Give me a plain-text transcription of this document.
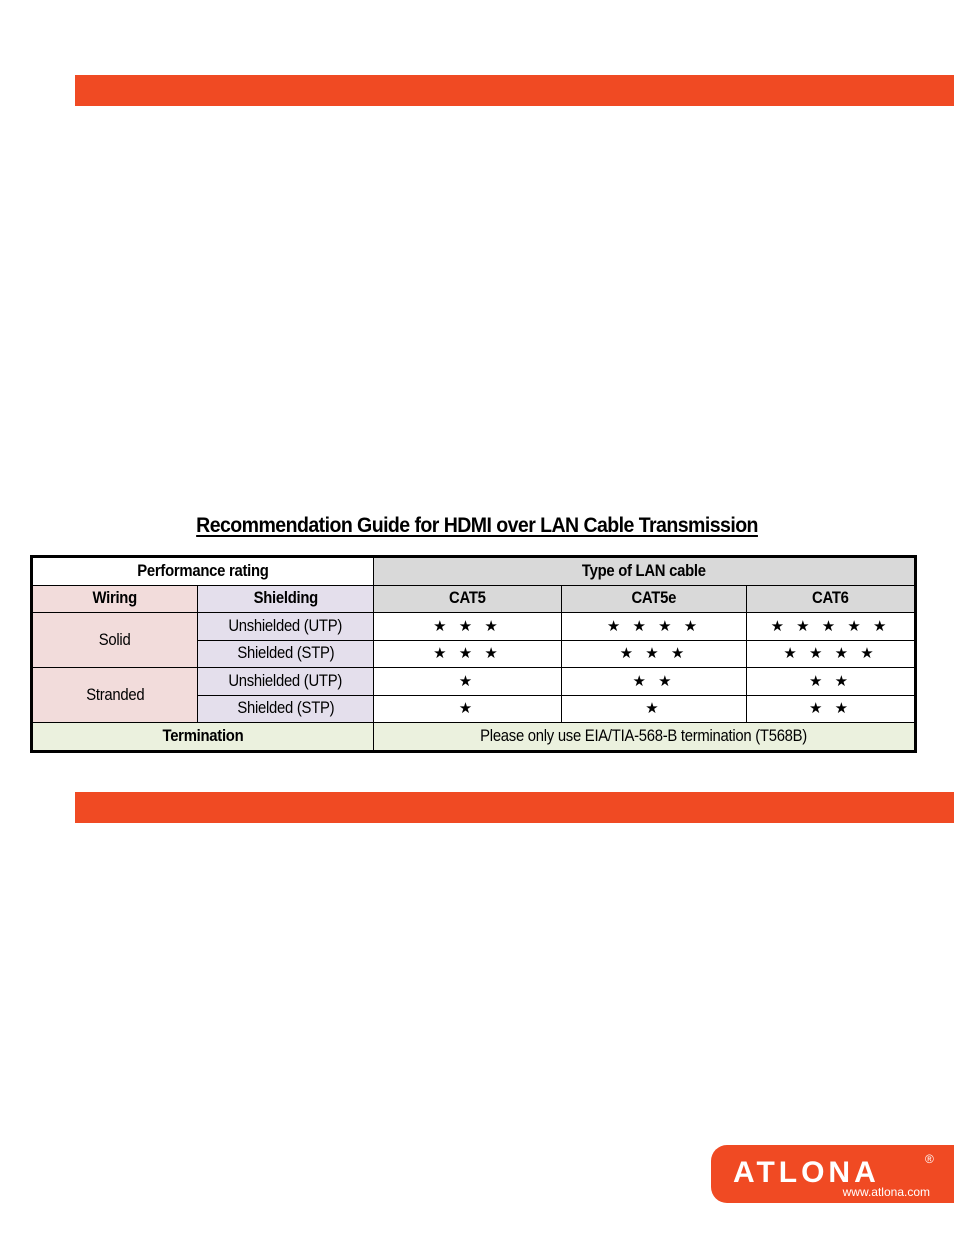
Recommendation Guide for HDMI over LAN Cable Transmission
Performance rating		Type of LAN cable		
Wiring	Shielding	CAT5	CAT5e	CAT6
Solid	Unshielded (UTP)	★ ★ ★	★ ★ ★ ★	★ ★ ★ ★ ★
	Shielded (STP)	★ ★ ★	★ ★ ★	★ ★ ★ ★
Stranded	Unshielded (UTP)	★	★ ★	★ ★
	Shielded (STP)	★	★	★ ★
Termination		Please only use EIA/TIA-568-B termination (T568B)		
ATLONA	®
www.atlona.com
